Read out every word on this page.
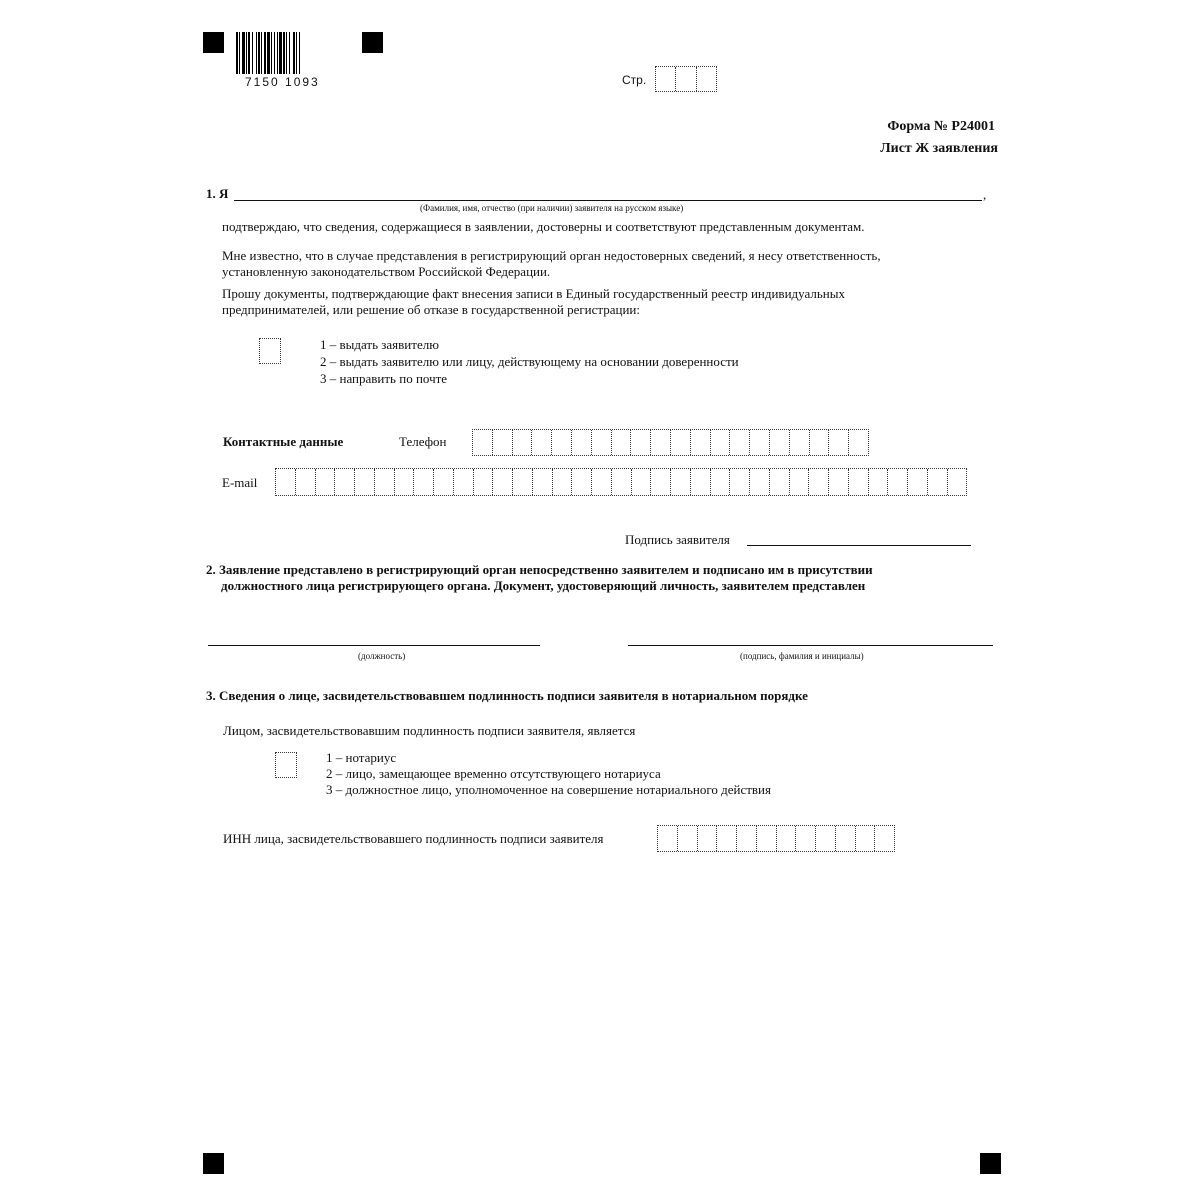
7150 1093	Стр.
Форма № Р24001
Лист Ж заявления
1. Я	,
(Фамилия, имя, отчество (при наличии) заявителя на русском языке)
подтверждаю, что сведения, содержащиеся в заявлении, достоверны и соответствуют представленным документам.
Мне известно, что в случае представления в регистрирующий орган недостоверных сведений, я несу ответственность,
установленную законодательством Российской Федерации.
Прошу документы, подтверждающие факт внесения записи в Единый государственный реестр индивидуальных
предпринимателей, или решение об отказе в государственной регистрации:
1 – выдать заявителю
2 – выдать заявителю или лицу, действующему на основании доверенности
3 – направить по почте
Контактные данные	Телефон
E-mail
Подпись заявителя
2. Заявление представлено в регистрирующий орган непосредственно заявителем и подписано им в присутствии
должностного лица регистрирующего органа. Документ, удостоверяющий личность, заявителем представлен
(должность)	(подпись, фамилия и инициалы)
3. Сведения о лице, засвидетельствовавшем подлинность подписи заявителя в нотариальном порядке
Лицом, засвидетельствовавшим подлинность подписи заявителя, является
1 – нотариус
2 – лицо, замещающее временно отсутствующего нотариуса
3 – должностное лицо, уполномоченное на совершение нотариального действия
ИНН лица, засвидетельствовавшего подлинность подписи заявителя
